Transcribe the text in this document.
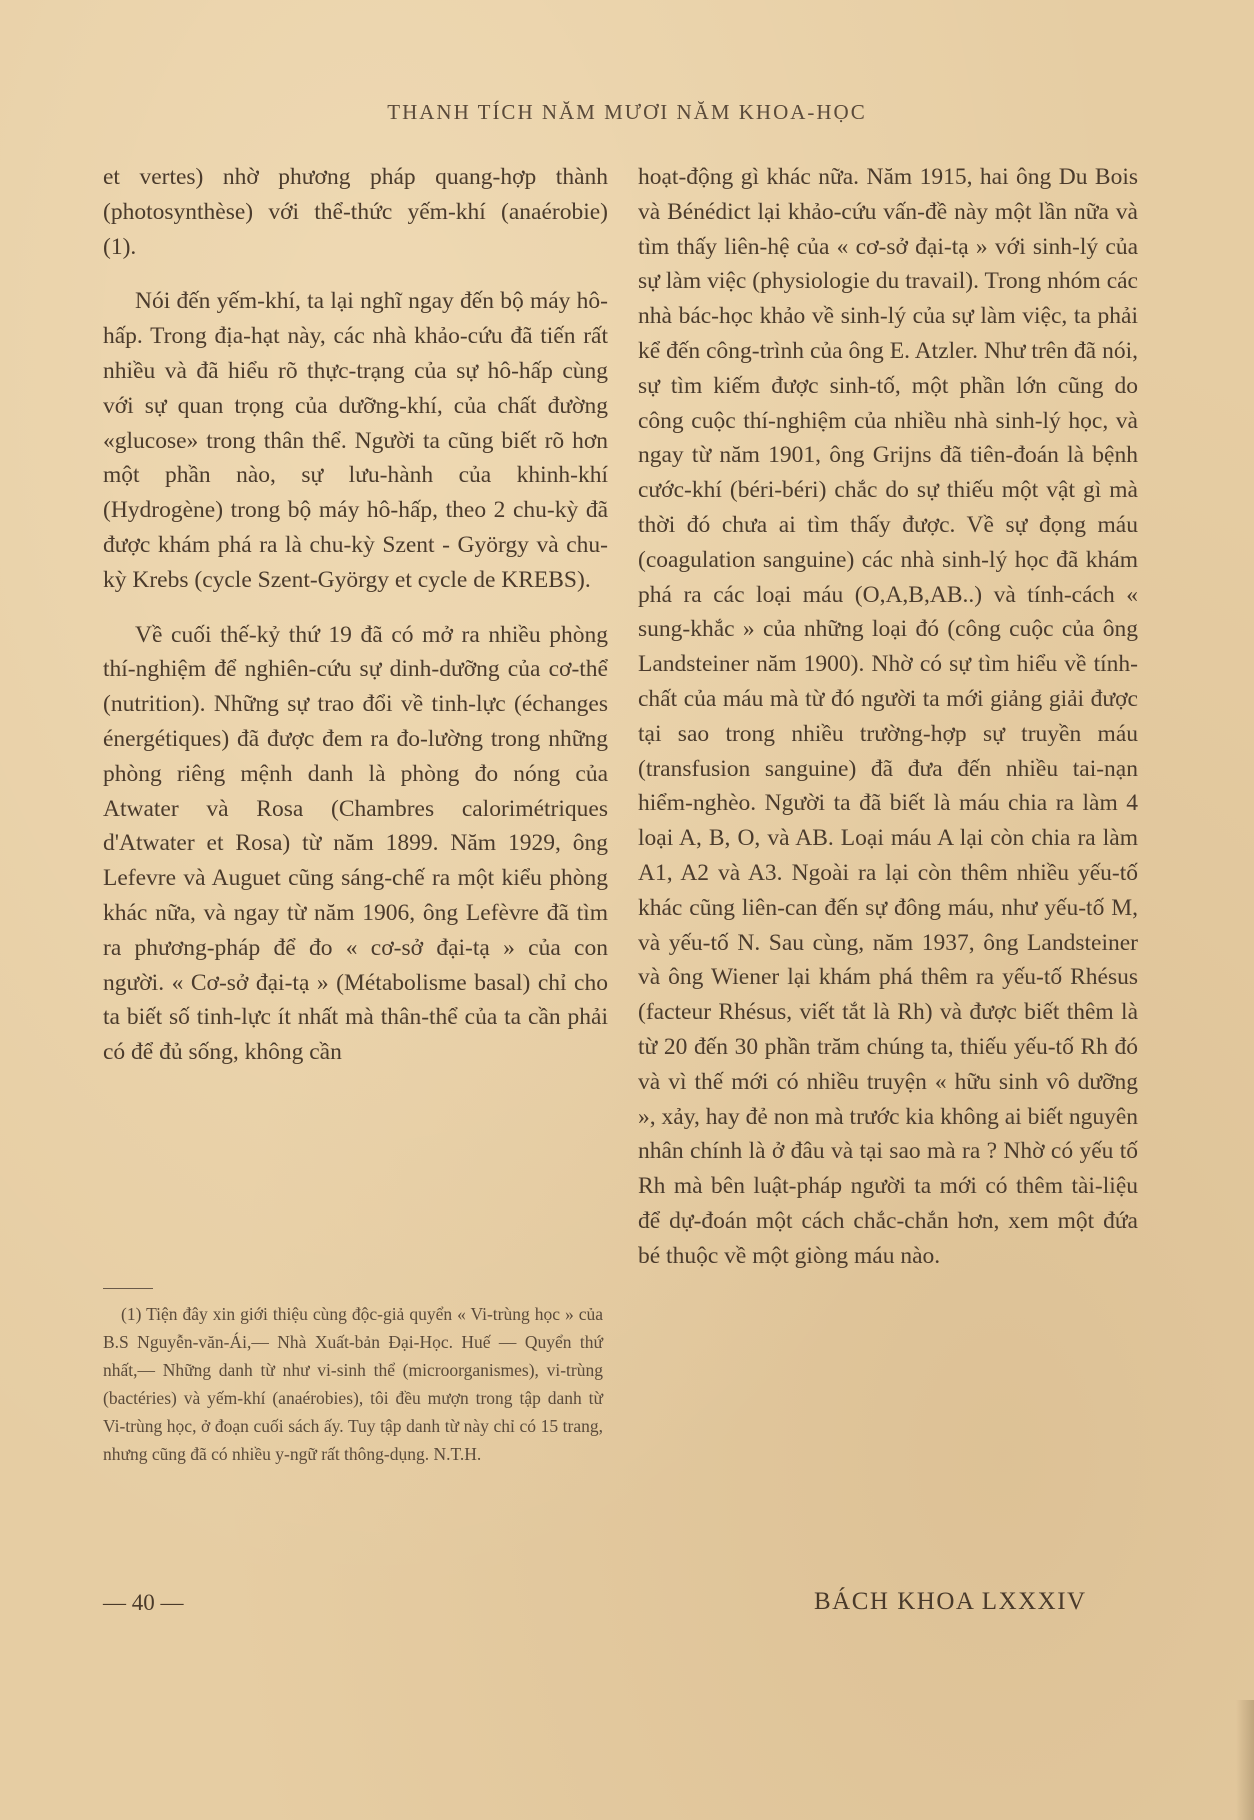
THANH TÍCH NĂM MƯƠI NĂM KHOA-HỌC

et vertes) nhờ phương pháp quang-hợp thành (photosynthèse) với thể-thức yếm-khí (anaérobie) (1).

Nói đến yếm-khí, ta lại nghĩ ngay đến bộ máy hô-hấp. Trong địa-hạt này, các nhà khảo-cứu đã tiến rất nhiều và đã hiểu rõ thực-trạng của sự hô-hấp cùng với sự quan trọng của dưỡng-khí, của chất đường «glucose» trong thân thể. Người ta cũng biết rõ hơn một phần nào, sự lưu-hành của khinh-khí (Hydrogène) trong bộ máy hô-hấp, theo 2 chu-kỳ đã được khám phá ra là chu-kỳ Szent - György và chu-kỳ Krebs (cycle Szent-György et cycle de KREBS).

Về cuối thế-kỷ thứ 19 đã có mở ra nhiều phòng thí-nghiệm để nghiên-cứu sự dinh-dưỡng của cơ-thể (nutrition). Những sự trao đổi về tinh-lực (échanges énergétiques) đã được đem ra đo-lường trong những phòng riêng mệnh danh là phòng đo nóng của Atwater và Rosa (Chambres calorimétriques d'Atwater et Rosa) từ năm 1899. Năm 1929, ông Lefevre và Auguet cũng sáng-chế ra một kiểu phòng khác nữa, và ngay từ năm 1906, ông Lefèvre đã tìm ra phương-pháp để đo « cơ-sở đại-tạ » của con người. « Cơ-sở đại-tạ » (Métabolisme basal) chỉ cho ta biết số tinh-lực ít nhất mà thân-thể của ta cần phải có để đủ sống, không cần

(1) Tiện đây xin giới thiệu cùng độc-giả quyển « Vi-trùng học » của B.S Nguyễn-văn-Ái,— Nhà Xuất-bản Đại-Học. Huế — Quyển thứ nhất,— Những danh từ như vi-sinh thể (microorganismes), vi-trùng (bactéries) và yếm-khí (anaérobies), tôi đều mượn trong tập danh từ Vi-trùng học, ở đoạn cuối sách ấy. Tuy tập danh từ này chỉ có 15 trang, nhưng cũng đã có nhiều y-ngữ rất thông-dụng. N.T.H.

hoạt-động gì khác nữa. Năm 1915, hai ông Du Bois và Bénédict lại khảo-cứu vấn-đề này một lần nữa và tìm thấy liên-hệ của « cơ-sở đại-tạ » với sinh-lý của sự làm việc (physiologie du travail). Trong nhóm các nhà bác-học khảo về sinh-lý của sự làm việc, ta phải kể đến công-trình của ông E. Atzler. Như trên đã nói, sự tìm kiếm được sinh-tố, một phần lớn cũng do công cuộc thí-nghiệm của nhiều nhà sinh-lý học, và ngay từ năm 1901, ông Grijns đã tiên-đoán là bệnh cước-khí (béri-béri) chắc do sự thiếu một vật gì mà thời đó chưa ai tìm thấy được. Về sự đọng máu (coagulation sanguine) các nhà sinh-lý học đã khám phá ra các loại máu (O,A,B,AB..) và tính-cách « sung-khắc » của những loại đó (công cuộc của ông Landsteiner năm 1900). Nhờ có sự tìm hiểu về tính-chất của máu mà từ đó người ta mới giảng giải được tại sao trong nhiều trường-hợp sự truyền máu (transfusion sanguine) đã đưa đến nhiều tai-nạn hiểm-nghèo. Người ta đã biết là máu chia ra làm 4 loại A, B, O, và AB. Loại máu A lại còn chia ra làm A1, A2 và A3. Ngoài ra lại còn thêm nhiều yếu-tố khác cũng liên-can đến sự đông máu, như yếu-tố M, và yếu-tố N. Sau cùng, năm 1937, ông Landsteiner và ông Wiener lại khám phá thêm ra yếu-tố Rhésus (facteur Rhésus, viết tắt là Rh) và được biết thêm là từ 20 đến 30 phần trăm chúng ta, thiếu yếu-tố Rh đó và vì thế mới có nhiều truyện « hữu sinh vô dưỡng », xảy, hay đẻ non mà trước kia không ai biết nguyên nhân chính là ở đâu và tại sao mà ra ? Nhờ có yếu tố Rh mà bên luật-pháp người ta mới có thêm tài-liệu để dự-đoán một cách chắc-chắn hơn, xem một đứa bé thuộc về một giòng máu nào.

— 40 —	BÁCH KHOA LXXXIV
